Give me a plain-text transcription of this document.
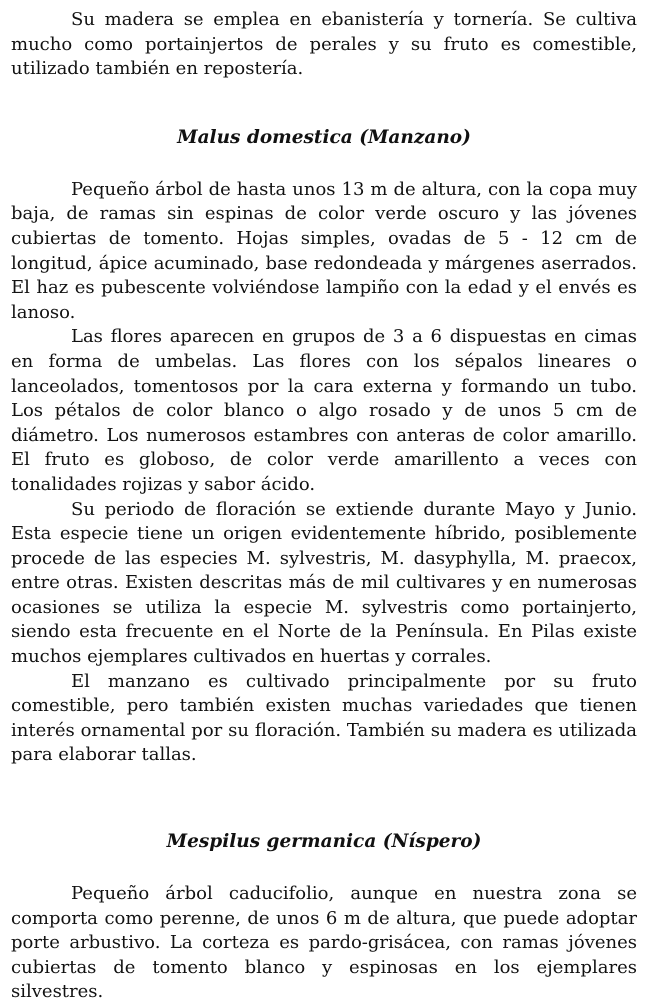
Su madera se emplea en ebanistería y tornería. Se cultiva mucho como portainjertos de perales y su fruto es comestible, utilizado también en repostería.

Malus domestica (Manzano)

Pequeño árbol de hasta unos 13 m de altura, con la copa muy baja, de ramas sin espinas de color verde oscuro y las jóvenes cubiertas de tomento. Hojas simples, ovadas de 5 - 12 cm de longitud, ápice acuminado, base redondeada y márgenes aserrados. El haz es pubescente volviéndose lampiño con la edad y el envés es lanoso.

Las flores aparecen en grupos de 3 a 6 dispuestas en cimas en forma de umbelas. Las flores con los sépalos lineares o lanceolados, tomentosos por la cara externa y formando un tubo. Los pétalos de color blanco o algo rosado y de unos 5 cm de diámetro. Los numerosos estambres con anteras de color amarillo. El fruto es globoso, de color verde amarillento a veces con tonalidades rojizas y sabor ácido.

Su periodo de floración se extiende durante Mayo y Junio. Esta especie tiene un origen evidentemente híbrido, posiblemente procede de las especies M. sylvestris, M. dasyphylla, M. praecox, entre otras. Existen descritas más de mil cultivares y en numerosas ocasiones se utiliza la especie M. sylvestris como portainjerto, siendo esta frecuente en el Norte de la Península. En Pilas existe muchos ejemplares cultivados en huertas y corrales.

El manzano es cultivado principalmente por su fruto comestible, pero también existen muchas variedades que tienen interés ornamental por su floración. También su madera es utilizada para elaborar tallas.

Mespilus germanica (Níspero)

Pequeño árbol caducifolio, aunque en nuestra zona se comporta como perenne, de unos 6 m de altura, que puede adoptar porte arbustivo. La corteza es pardo-grisácea, con ramas jóvenes cubiertas de tomento blanco y espinosas en los ejemplares silvestres.
